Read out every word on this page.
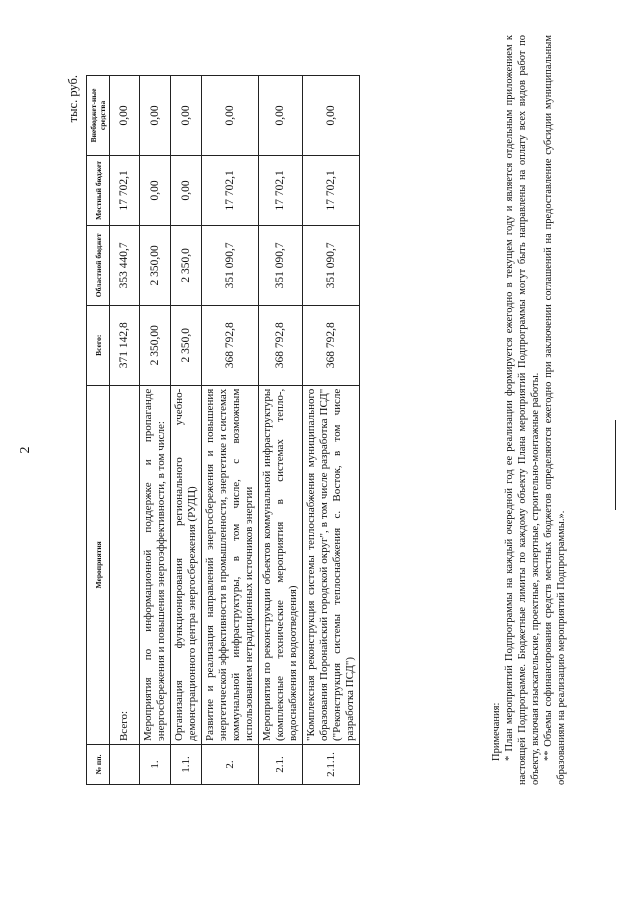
2
тыс. руб.
№ пп.	Мероприятия	Всего:	Областной бюджет	Местный бюджет	Внебюджет-ные средства
	Всего:	371 142,8	353 440,7	17 702,1	0,00
1.	Мероприятия по информационной поддержке и пропаганде энергосбережения и повышения энергоэффективности, в том числе:	2 350,00	2 350,00	0,00	0,00
1.1.	Организация функционирования регионального учебно-демонстрационного центра энергосбережения (РУДЦ)	2 350,0	2 350,0	0,00	0,00
2.	Развитие и реализация направлений энергосбережения и повышения энергетической эффективности в промышленности, энергетике и системах коммунальной инфраструктуры, в том числе, с возможным использованием нетрадиционных источников энергии	368 792,8	351 090,7	17 702,1	0,00
2.1.	Мероприятия по реконструкции объектов коммунальной инфраструктуры (комплексные технические мероприятия в системах тепло-, водоснабжения и водоотведения)	368 792,8	351 090,7	17 702,1	0,00
2.1.1.	"Комплексная реконструкция системы теплоснабжения муниципального образования Поронайский городской округ", в том числе разработка ПСД" ("Реконструкция системы теплоснабжения с. Восток, в том числе разработка ПСД")	368 792,8	351 090,7	17 702,1	0,00

Примечания: * План мероприятий Подпрограммы на каждый очередной год ее реализации формируется ежегодно в текущем году и является отдельным приложением к настоящей Подпрограмме. Бюджетные лимиты по каждому объекту Плана мероприятий Подпрограммы могут быть направлены на оплату всех видов работ по объекту, включая изыскательские, проектные, экспертные, строительно-монтажные работы. ** Объемы софинансирования средств местных бюджетов определяются ежегодно при заключении соглашений на предоставление субсидии муниципальным образованиям на реализацию мероприятий Подпрограммы.».
